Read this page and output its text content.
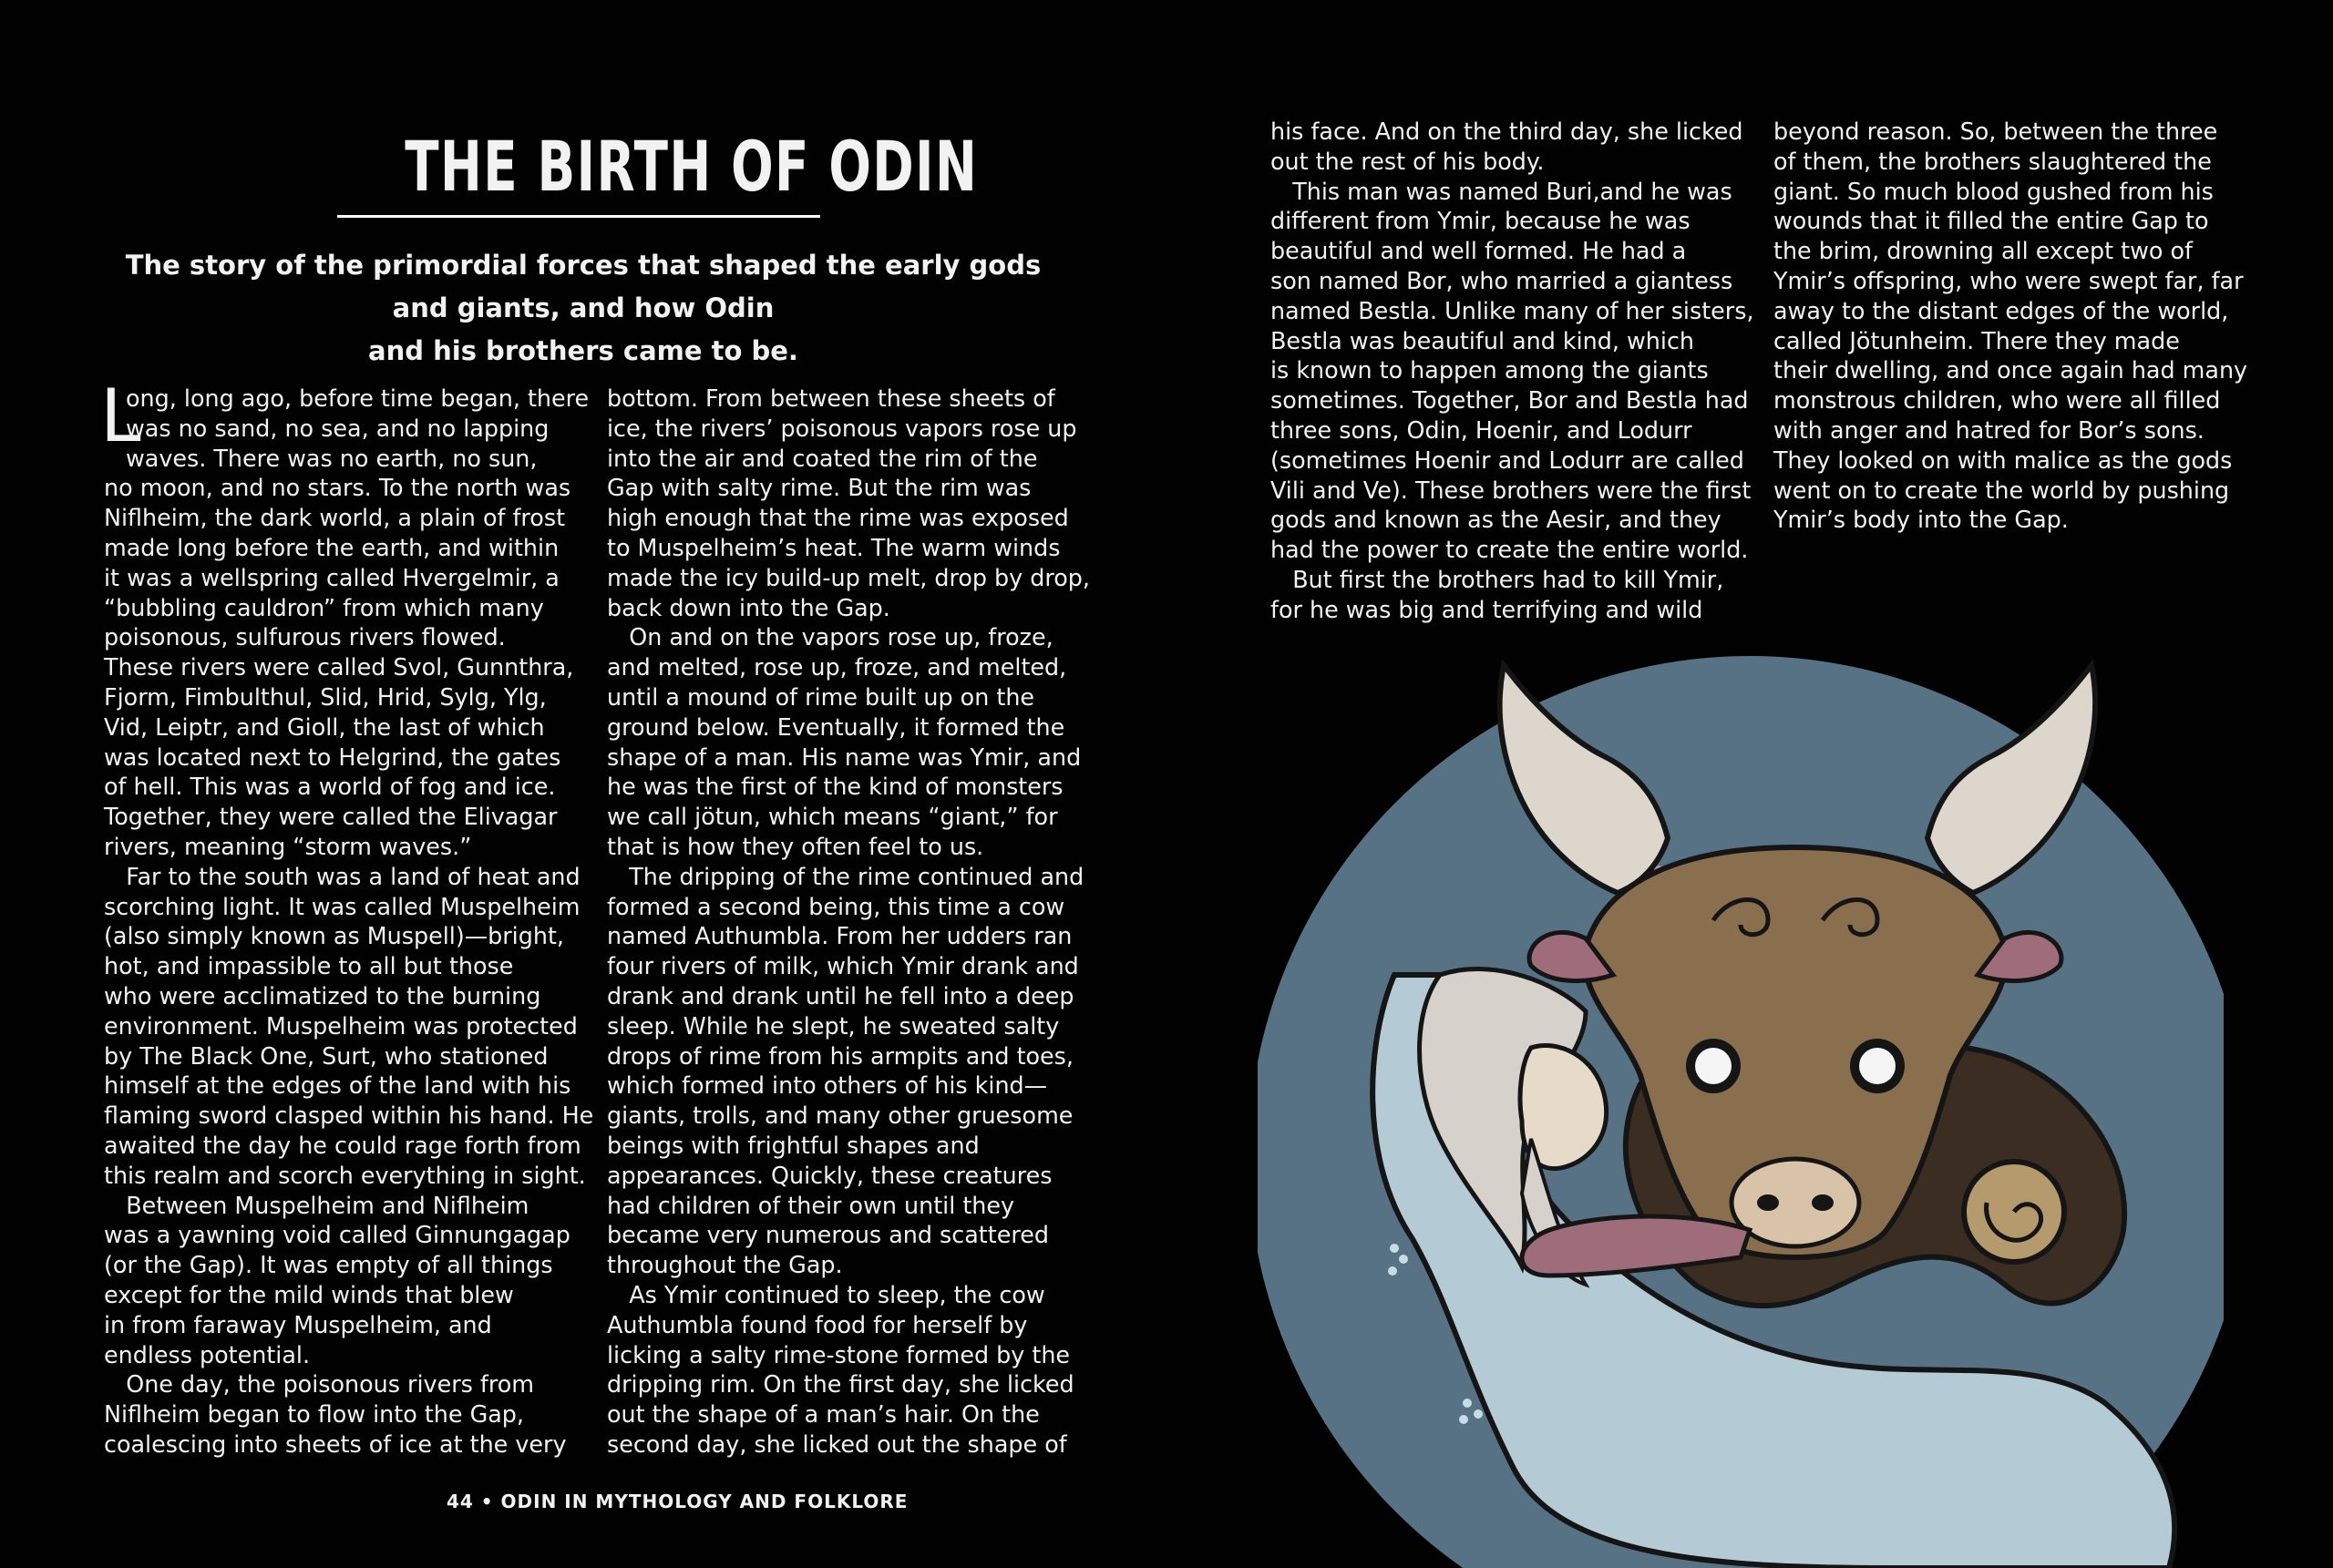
THE BIRTH OF ODIN
The story of the primordial forces that shaped the early gods and giants, and how Odin
and his brothers came to be.
L
ong, long ago, before time began, there
was no sand, no sea, and no lapping
waves. There was no earth, no sun,
no moon, and no stars. To the north was
Niflheim, the dark world, a plain of frost
made long before the earth, and within
it was a wellspring called Hvergelmir, a
“bubbling cauldron” from which many
poisonous, sulfurous rivers flowed.
These rivers were called Svol, Gunnthra,
Fjorm, Fimbulthul, Slid, Hrid, Sylg, Ylg,
Vid, Leiptr, and Gioll, the last of which
was located next to Helgrind, the gates
of hell. This was a world of fog and ice.
Together, they were called the Elivagar
rivers, meaning “storm waves.”
Far to the south was a land of heat and
scorching light. It was called Muspelheim
(also simply known as Muspell)—bright,
hot, and impassible to all but those
who were acclimatized to the burning
environment. Muspelheim was protected
by The Black One, Surt, who stationed
himself at the edges of the land with his
flaming sword clasped within his hand. He
awaited the day he could rage forth from
this realm and scorch everything in sight.
Between Muspelheim and Niflheim
was a yawning void called Ginnungagap
(or the Gap). It was empty of all things
except for the mild winds that blew
in from faraway Muspelheim, and
endless potential.
One day, the poisonous rivers from
Niflheim began to flow into the Gap,
coalescing into sheets of ice at the very
bottom. From between these sheets of
ice, the rivers’ poisonous vapors rose up
into the air and coated the rim of the
Gap with salty rime. But the rim was
high enough that the rime was exposed
to Muspelheim’s heat. The warm winds
made the icy build-up melt, drop by drop,
back down into the Gap.
On and on the vapors rose up, froze,
and melted, rose up, froze, and melted,
until a mound of rime built up on the
ground below. Eventually, it formed the
shape of a man. His name was Ymir, and
he was the first of the kind of monsters
we call jötun, which means “giant,” for
that is how they often feel to us.
The dripping of the rime continued and
formed a second being, this time a cow
named Authumbla. From her udders ran
four rivers of milk, which Ymir drank and
drank and drank until he fell into a deep
sleep. While he slept, he sweated salty
drops of rime from his armpits and toes,
which formed into others of his kind—
giants, trolls, and many other gruesome
beings with frightful shapes and
appearances. Quickly, these creatures
had children of their own until they
became very numerous and scattered
throughout the Gap.
As Ymir continued to sleep, the cow
Authumbla found food for herself by
licking a salty rime-stone formed by the
dripping rim. On the first day, she licked
out the shape of a man’s hair. On the
second day, she licked out the shape of
his face. And on the third day, she licked
out the rest of his body.
This man was named Buri,and he was
different from Ymir, because he was
beautiful and well formed. He had a
son named Bor, who married a giantess
named Bestla. Unlike many of her sisters,
Bestla was beautiful and kind, which
is known to happen among the giants
sometimes. Together, Bor and Bestla had
three sons, Odin, Hoenir, and Lodurr
(sometimes Hoenir and Lodurr are called
Vili and Ve). These brothers were the first
gods and known as the Aesir, and they
had the power to create the entire world.
But first the brothers had to kill Ymir,
for he was big and terrifying and wild
beyond reason. So, between the three
of them, the brothers slaughtered the
giant. So much blood gushed from his
wounds that it filled the entire Gap to
the brim, drowning all except two of
Ymir’s offspring, who were swept far, far
away to the distant edges of the world,
called Jötunheim. There they made
their dwelling, and once again had many
monstrous children, who were all filled
with anger and hatred for Bor’s sons.
They looked on with malice as the gods
went on to create the world by pushing
Ymir’s body into the Gap.
44 • ODIN IN MYTHOLOGY AND FOLKLORE
